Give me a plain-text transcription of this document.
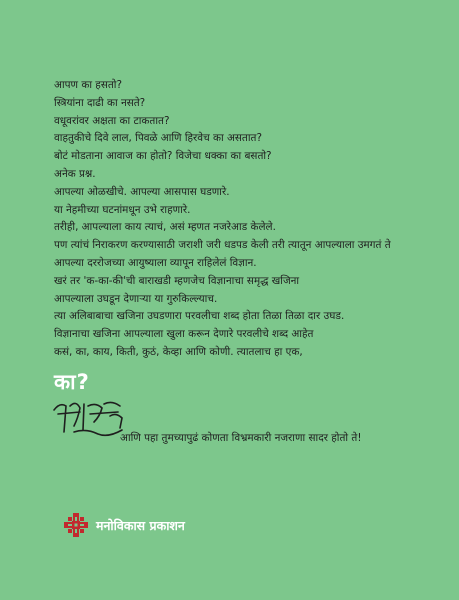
आपण का हसतो?
स्त्रियांना दाढी का नसते?
वधूवरांवर अक्षता का टाकतात?
वाहतुकीचे दिवे लाल, पिवळे आणि हिरवेच का असतात?
बोटं मोडताना आवाज का होतो? विजेचा धक्का का बसतो?
अनेक प्रश्न.
आपल्या ओळखीचे. आपल्या आसपास घडणारे.
या नेहमीच्या घटनांमधून उभे राहणारे.
तरीही, आपल्याला काय त्याचं, असं म्हणत नजरेआड केलेले.
पण त्यांचं निराकरण करण्यासाठी जराशी जरी धडपड केली तरी त्यातून आपल्याला उमगतं ते
आपल्या दररोजच्या आयुष्याला व्यापून राहिलेलं विज्ञान.
खरं तर 'क-का-की'ची बाराखडी म्हणजेच विज्ञानाचा समृद्ध खजिना
आपल्याला उघडून देणाऱ्या या गुरुकिल्ल्याच.
त्या अलिबाबाचा खजिना उघडणारा परवलीचा शब्द होता तिळा तिळा दार उघड.
विज्ञानाचा खजिना आपल्याला खुला करून देणारे परवलीचे शब्द आहेत
कसं, का, काय, किती, कुठं, केव्हा आणि कोणी. त्यातलाच हा एक,
का?
आणि पहा तुमच्यापुढं कोणता विभ्रमकारी नजराणा सादर होतो ते!
मनोविकास प्रकाशन
